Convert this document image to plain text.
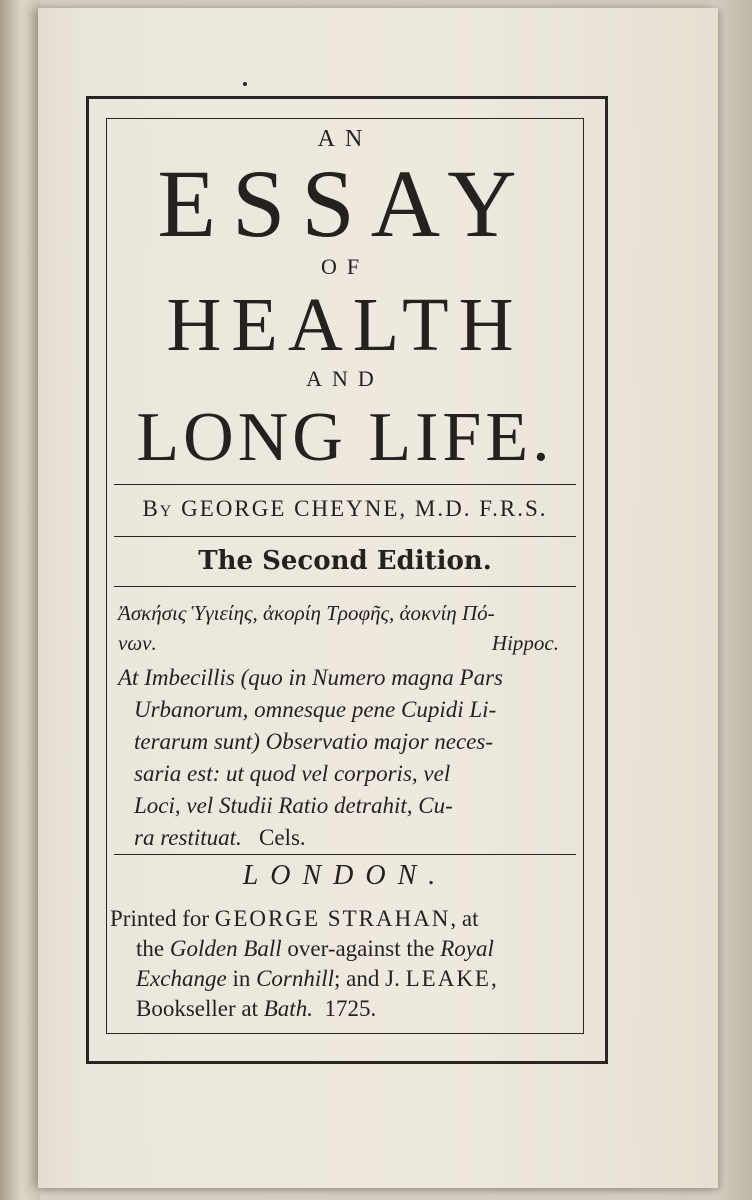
AN
ESSAY
OF
HEALTH
AND
LONG LIFE.
By GEORGE CHEYNE, M.D. F.R.S.
The Second Edition.
Ἀσκήσις Ὑγιείης, ἀκορίη Τροφῆς, ἀοκνίη Πό-
νων.	Hippoc.
At Imbecillis (quo in Numero magna Pars
Urbanorum, omnesque pene Cupidi Li-
terarum sunt) Observatio major neces-
saria est: ut quod vel corporis, vel
Loci, vel Studii Ratio detrahit, Cu-
ra restituat. Cels.
LONDON.
Printed for GEORGE STRAHAN, at
the Golden Ball over-against the Royal
Exchange in Cornhill; and J. LEAKE,
Bookseller at Bath.  1725.
